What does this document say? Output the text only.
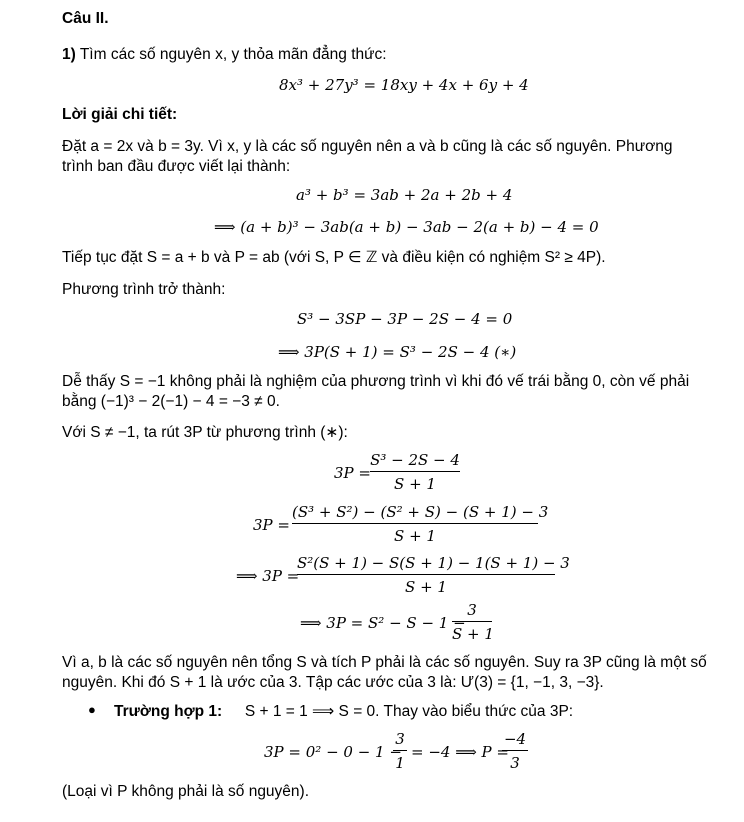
Câu II.
1) Tìm các số nguyên x, y thỏa mãn đẳng thức:
8x³ + 27y³ = 18xy + 4x + 6y + 4
Lời giải chi tiết:
Đặt a = 2x và b = 3y. Vì x, y là các số nguyên nên a và b cũng là các số nguyên. Phương
trình ban đầu được viết lại thành:
a³ + b³ = 3ab + 2a + 2b + 4
⟹ (a + b)³ − 3ab(a + b) − 3ab − 2(a + b) − 4 = 0
Tiếp tục đặt S = a + b và P = ab (với S, P ∈ ℤ và điều kiện có nghiệm S² ≥ 4P).
Phương trình trở thành:
S³ − 3SP − 3P − 2S − 4 = 0
⟹ 3P(S + 1) = S³ − 2S − 4 (∗)
Dễ thấy S = −1 không phải là nghiệm của phương trình vì khi đó vế trái bằng 0, còn vế phải
bằng (−1)³ − 2(−1) − 4 = −3 ≠ 0.
Với S ≠ −1, ta rút 3P từ phương trình (∗):
3P =
S³ − 2S − 4
S + 1
3P =
(S³ + S²) − (S² + S) − (S + 1) − 3
S + 1
⟹ 3P =
S²(S + 1) − S(S + 1) − 1(S + 1) − 3
S + 1
⟹ 3P = S² − S − 1 −
3
S + 1
Vì a, b là các số nguyên nên tổng S và tích P phải là các số nguyên. Suy ra 3P cũng là một số
nguyên. Khi đó S + 1 là ước của 3. Tập các ước của 3 là: Ư(3) = {1, −1, 3, −3}.
● Trường hợp 1: S + 1 = 1 ⟹ S = 0. Thay vào biểu thức của 3P:
3P = 0² − 0 − 1 −
3
1
= −4 ⟹ P =
−4
3
(Loại vì P không phải là số nguyên).
